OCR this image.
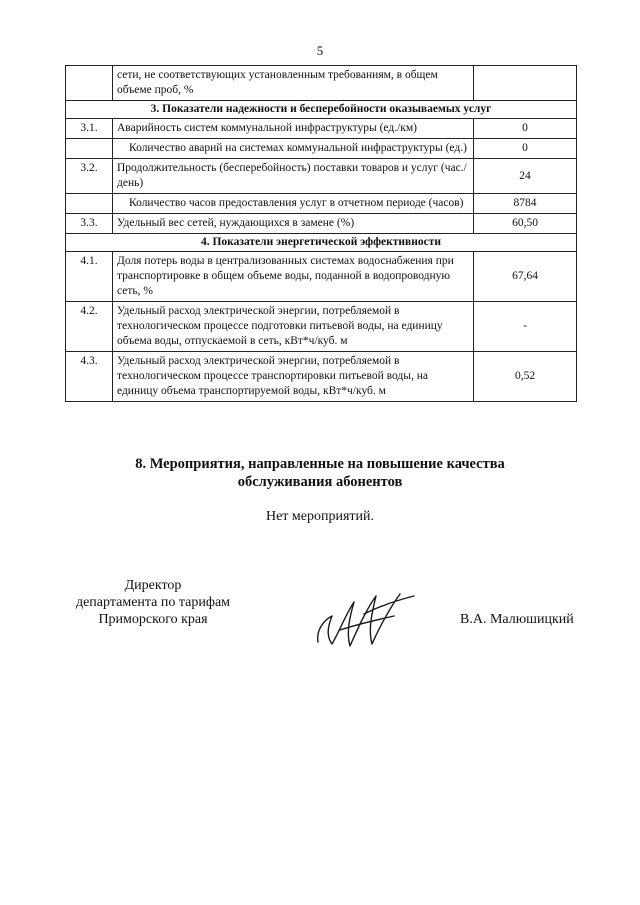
5
	сети, не соответствующих установленным требованиям, в общем объеме проб, %	
3. Показатели надежности и бесперебойности оказываемых услуг		
3.1.	Аварийность систем коммунальной инфраструктуры (ед./км)	0
	Количество аварий на системах коммунальной инфраструктуры (ед.)	0
3.2.	Продолжительность (бесперебойность) поставки товаров и услуг (час./день)	24
	Количество часов предоставления услуг в отчетном периоде (часов)	8784
3.3.	Удельный вес сетей, нуждающихся в замене (%)	60,50
4. Показатели энергетической эффективности		
4.1.	Доля потерь воды в централизованных системах водоснабжения при транспортировке в общем объеме воды, поданной в водопроводную сеть, %	67,64
4.2.	Удельный расход электрической энергии, потребляемой в технологическом процессе подготовки питьевой воды, на единицу объема воды, отпускаемой в сеть, кВт*ч/куб. м	-
4.3.	Удельный расход электрической энергии, потребляемой в технологическом процессе транспортировки питьевой воды, на единицу объема транспортируемой воды, кВт*ч/куб. м	0,52
8. Мероприятия, направленные на повышение качества
обслуживания абонентов
Нет мероприятий.
Директор
департамента по тарифам
Приморского края	В.А. Малюшицкий
